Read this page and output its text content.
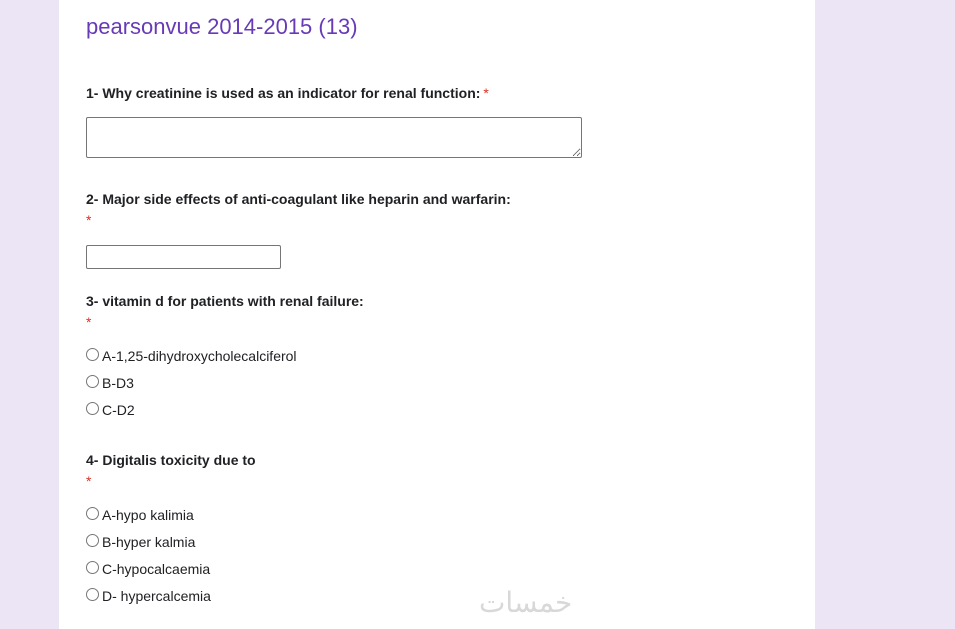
pearsonvue 2014-2015 (13)

1- Why creatinine is used as an indicator for renal function: *

2- Major side effects of anti-coagulant like heparin and warfarin:

*

3- vitamin d for patients with renal failure:

*
A-1,25-dihydroxycholecalciferol
B-D3
C-D2

4- Digitalis toxicity due to

*
A-hypo kalimia
B-hyper kalmia
C-hypocalcaemia
D- hypercalcemia	خمسات
